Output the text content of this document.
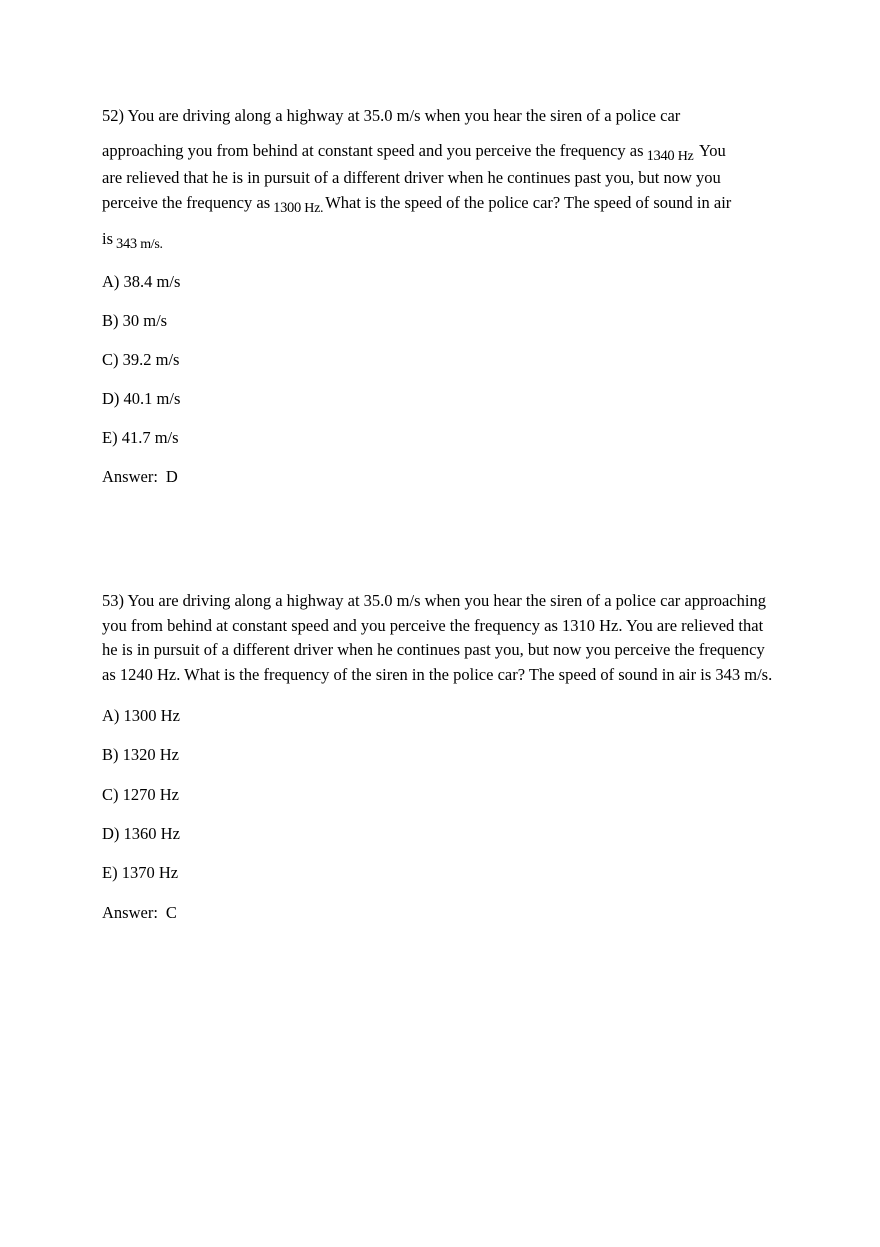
52) You are driving along a highway at 35.0 m/s when you hear the siren of a police car
approaching you from behind at constant speed and you perceive the frequency as 1340 Hz You
are relieved that he is in pursuit of a different driver when he continues past you, but now you
perceive the frequency as 1300 Hz. What is the speed of the police car? The speed of sound in air
is 343 m/s.

A) 38.4 m/s
B) 30 m/s
C) 39.2 m/s
D) 40.1 m/s
E) 41.7 m/s

Answer: D

53) You are driving along a highway at 35.0 m/s when you hear the siren of a police car approaching you from behind at constant speed and you perceive the frequency as 1310 Hz. You are relieved that he is in pursuit of a different driver when he continues past you, but now you perceive the frequency as 1240 Hz. What is the frequency of the siren in the police car? The speed of sound in air is 343 m/s.

A) 1300 Hz
B) 1320 Hz
C) 1270 Hz
D) 1360 Hz
E) 1370 Hz

Answer: C
